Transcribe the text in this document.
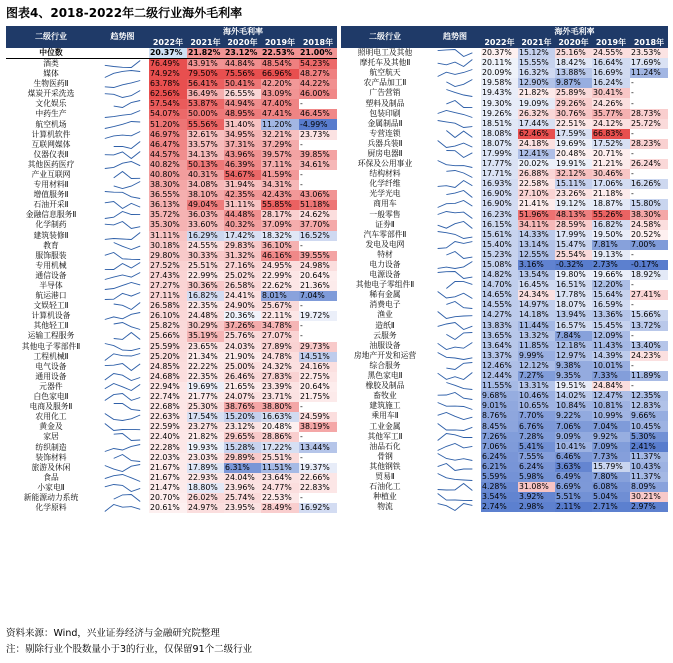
图表4、2018-2022年二级行业海外毛利率
二级行业	趋势图	海外毛利率				
		2022年	2021年	2020年	2019年	2018年
中位数		20.37%	21.82%	23.12%	22.53%	21.00%
酒类		76.49%	43.91%	44.84%	48.54%	54.23%
媒体		74.92%	79.50%	75.56%	66.96%	48.27%
生物医药Ⅱ		63.78%	56.41%	50.41%	42.20%	44.22%
煤炭开采洗选		62.56%	36.49%	26.55%	43.09%	46.00%
文化娱乐		57.54%	53.87%	44.94%	47.40%	-
中药生产		54.07%	50.00%	48.95%	47.41%	46.45%
航空机场		51.20%	55.56%	31.40%	11.20%	-4.99%
计算机软件		46.97%	32.61%	34.95%	32.21%	23.73%
互联网媒体		46.47%	33.57%	37.31%	37.29%	-
仪器仪表Ⅱ		44.57%	34.13%	43.96%	39.57%	39.85%
其他医药医疗		40.82%	50.13%	46.39%	37.11%	34.61%
产业互联网		40.80%	40.31%	54.67%	41.59%	-
专用材料Ⅱ		38.30%	34.08%	31.94%	34.31%	-
增值服务Ⅱ		36.55%	38.10%	42.35%	42.43%	43.06%
石油开采Ⅱ		36.13%	49.04%	31.11%	55.85%	51.18%
金融信息服务Ⅱ		35.72%	36.03%	44.48%	28.17%	24.62%
化学制药		35.30%	33.60%	40.32%	37.09%	37.70%
建筑装修Ⅱ		31.11%	16.29%	17.42%	18.32%	16.52%
教育		30.18%	24.55%	29.83%	36.10%	-
服饰服装		29.80%	30.33%	31.32%	46.16%	39.55%
专用机械		27.52%	25.51%	27.16%	24.95%	24.98%
通信设备		27.43%	22.99%	25.02%	22.99%	20.64%
半导体		27.27%	30.36%	26.58%	22.62%	21.36%
航运港口		27.11%	16.82%	24.41%	8.01%	7.04%
文娱轻工Ⅱ		26.58%	22.35%	24.90%	25.67%	-
计算机设备		26.10%	24.48%	20.36%	22.11%	19.72%
其他轻工Ⅱ		25.82%	30.29%	37.26%	34.78%	-
运输工程服务		25.66%	35.19%	25.76%	27.07%	-
其他电子零部件Ⅱ		25.59%	23.65%	24.03%	27.89%	29.73%
工程机械Ⅱ		25.20%	21.34%	21.90%	24.78%	14.51%
电气设备		24.85%	22.22%	25.00%	24.32%	24.16%
通用设备		24.68%	22.35%	26.46%	27.83%	22.75%
元器件		22.94%	19.69%	21.65%	23.39%	20.64%
白色家电Ⅱ		22.74%	21.77%	24.07%	23.71%	21.75%
电商及服务Ⅱ		22.68%	25.30%	38.76%	38.80%	-
农用化工		22.63%	17.54%	15.20%	16.63%	24.59%
黄金及		22.59%	23.27%	23.12%	20.48%	38.19%
家居		22.40%	21.82%	29.65%	28.86%	-
纺织制造		22.28%	19.93%	15.28%	17.22%	13.44%
装饰材料		22.03%	23.03%	29.89%	25.51%	-
旅游及休闲		21.67%	17.89%	6.31%	11.51%	19.37%
食品		21.67%	22.93%	24.04%	23.64%	22.66%
小家电Ⅱ		21.47%	18.80%	23.96%	24.77%	22.83%
新能源动力系统		20.70%	26.02%	25.74%	22.53%	-
化学原料		20.61%	24.97%	23.95%	28.49%	16.92%
二级行业	趋势图	海外毛利率				
		2022年	2021年	2020年	2019年	2018年
照明电工及其他		20.37%	15.12%	25.16%	24.55%	23.53%
摩托车及其他Ⅱ		20.11%	15.55%	18.42%	16.64%	17.69%
航空航天		20.09%	16.32%	13.88%	16.69%	11.24%
农产品加工Ⅱ		19.58%	12.90%	9.87%	16.24%	-
广告营销		19.43%	21.82%	25.89%	30.41%	-
塑料及制品		19.30%	19.09%	29.26%	24.26%	-
包装印刷		19.26%	26.32%	30.76%	35.77%	28.73%
金属制品Ⅱ		18.51%	17.44%	22.51%	24.12%	25.72%
专营连锁		18.08%	62.46%	17.59%	66.83%	-
兵器兵装Ⅱ		18.07%	24.18%	19.69%	17.52%	28.23%
厨房电器Ⅱ		17.99%	12.41%	20.48%	20.71%	-
环保及公用事业		17.77%	20.02%	19.91%	21.21%	26.24%
结构材料		17.71%	26.88%	32.12%	30.46%	-
化学纤维		16.93%	22.58%	15.11%	17.06%	16.26%
光学光电		16.90%	27.10%	23.26%	21.18%	-
商用车		16.90%	21.41%	19.12%	18.87%	15.80%
一般零售		16.23%	51.96%	48.13%	55.26%	38.30%
证券Ⅱ		16.15%	34.11%	28.59%	16.82%	24.58%
汽车零部件Ⅱ		15.61%	14.33%	17.99%	19.50%	20.52%
发电及电网		15.40%	13.14%	15.47%	7.81%	7.00%
特材		15.23%	12.55%	25.54%	19.13%	-
电力设备		15.08%	3.16%	-0.32%	2.73%	-0.17%
电源设备		14.82%	13.54%	19.80%	19.66%	18.92%
其他电子零组件Ⅱ		14.70%	16.45%	16.51%	12.20%	-
稀有金属		14.65%	24.34%	17.78%	15.64%	27.41%
消费电子		14.55%	14.97%	18.07%	16.59%	-
渔业		14.27%	14.18%	13.94%	13.36%	15.66%
造纸Ⅱ		13.83%	11.44%	16.57%	15.45%	13.72%
云服务		13.65%	13.32%	7.84%	12.09%	-
油服设备		13.64%	11.85%	12.18%	11.43%	13.40%
房地产开发和运营		13.37%	9.99%	12.97%	14.39%	24.23%
综合服务		12.46%	12.12%	9.38%	10.01%	-
黑色家电Ⅱ		12.44%	7.27%	9.35%	7.33%	11.89%
橡胶及制品		11.55%	13.31%	19.51%	24.84%	-
畜牧业		9.68%	10.46%	14.02%	12.47%	12.35%
建筑施工		9.01%	10.65%	10.84%	10.81%	12.83%
乘用车Ⅱ		8.76%	7.70%	9.22%	10.99%	9.66%
工业金属		8.45%	6.76%	7.06%	7.04%	10.45%
其他军工Ⅱ		7.26%	7.28%	9.09%	9.92%	5.30%
油品石化		7.06%	5.41%	10.41%	7.09%	2.41%
骨钢		6.24%	7.55%	6.46%	7.73%	11.37%
其他钢铁		6.21%	6.24%	3.63%	15.79%	10.43%
贸易Ⅱ		5.59%	5.98%	6.49%	7.80%	11.37%
石油化工		4.28%	31.08%	6.69%	6.08%	8.09%
种植业		3.54%	3.92%	5.51%	5.04%	30.21%
物流		2.74%	2.98%	2.11%	2.71%	2.97%
资料来源：Wind，兴业证券经济与金融研究院整理
注：剔除行业个股数量小于3的行业，仅保留91个二级行业
